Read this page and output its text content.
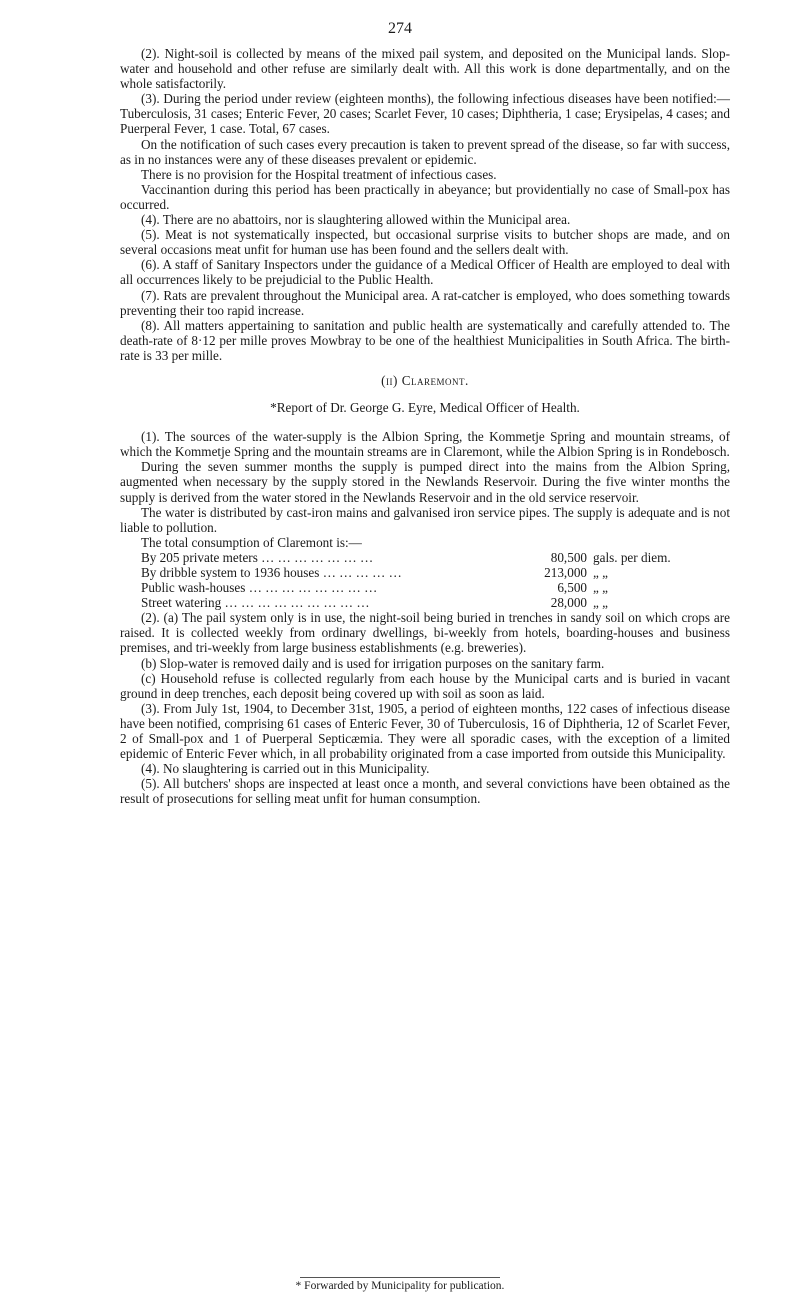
274

(2). Night-soil is collected by means of the mixed pail system, and deposited on the Municipal lands. Slop-water and household and other refuse are similarly dealt with. All this work is done departmentally, and on the whole satisfactorily.

(3). During the period under review (eighteen months), the following infectious diseases have been notified:—Tuberculosis, 31 cases; Enteric Fever, 20 cases; Scarlet Fever, 10 cases; Diphtheria, 1 case; Erysipelas, 4 cases; and Puerperal Fever, 1 case. Total, 67 cases.

On the notification of such cases every precaution is taken to prevent spread of the disease, so far with success, as in no instances were any of these diseases prevalent or epidemic.

There is no provision for the Hospital treatment of infectious cases.

Vaccinantion during this period has been practically in abeyance; but providentially no case of Small-pox has occurred.

(4). There are no abattoirs, nor is slaughtering allowed within the Municipal area.

(5). Meat is not systematically inspected, but occasional surprise visits to butcher shops are made, and on several occasions meat unfit for human use has been found and the sellers dealt with.

(6). A staff of Sanitary Inspectors under the guidance of a Medical Officer of Health are employed to deal with all occurrences likely to be prejudicial to the Public Health.

(7). Rats are prevalent throughout the Municipal area. A rat-catcher is employed, who does something towards preventing their too rapid increase.

(8). All matters appertaining to sanitation and public health are systematically and carefully attended to. The death-rate of 8·12 per mille proves Mowbray to be one of the healthiest Municipalities in South Africa. The birth-rate is 33 per mille.

(ii) Claremont.

*Report of Dr. George G. Eyre, Medical Officer of Health.

(1). The sources of the water-supply is the Albion Spring, the Kommetje Spring and mountain streams, of which the Kommetje Spring and the mountain streams are in Claremont, while the Albion Spring is in Rondebosch.

During the seven summer months the supply is pumped direct into the mains from the Albion Spring, augmented when necessary by the supply stored in the Newlands Reservoir. During the five winter months the supply is derived from the water stored in the Newlands Reservoir and in the old service reservoir.

The water is distributed by cast-iron mains and galvanised iron service pipes. The supply is adequate and is not liable to pollution.

The total consumption of Claremont is:—

By 205 private meters … … … … … … …	80,500 gals. per diem.
By dribble system to 1936 houses … … … … …	213,000 „ „
Public wash-houses … … … … … … … …	6,500 „ „
Street watering … … … … … … … … …	28,000 „ „

(2). (a) The pail system only is in use, the night-soil being buried in trenches in sandy soil on which crops are raised. It is collected weekly from ordinary dwellings, bi-weekly from hotels, boarding-houses and business premises, and tri-weekly from large business establishments (e.g. breweries).

(b) Slop-water is removed daily and is used for irrigation purposes on the sanitary farm.

(c) Household refuse is collected regularly from each house by the Municipal carts and is buried in vacant ground in deep trenches, each deposit being covered up with soil as soon as laid.

(3). From July 1st, 1904, to December 31st, 1905, a period of eighteen months, 122 cases of infectious disease have been notified, comprising 61 cases of Enteric Fever, 30 of Tuberculosis, 16 of Diphtheria, 12 of Scarlet Fever, 2 of Small-pox and 1 of Puerperal Septicæmia. They were all sporadic cases, with the exception of a limited epidemic of Enteric Fever which, in all probability originated from a case imported from outside this Municipality.

(4). No slaughtering is carried out in this Municipality.

(5). All butchers' shops are inspected at least once a month, and several convictions have been obtained as the result of prosecutions for selling meat unfit for human consumption.

* Forwarded by Municipality for publication.
